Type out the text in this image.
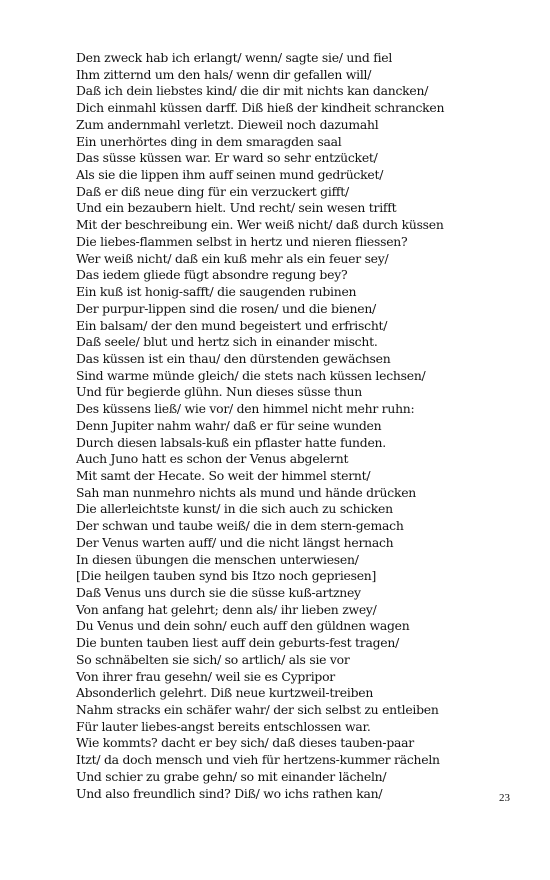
Den zweck hab ich erlangt/ wenn/ sagte sie/ und fiel
Ihm zitternd um den hals/ wenn dir gefallen will/
Daß ich dein liebstes kind/ die dir mit nichts kan dancken/
Dich einmahl küssen darff. Diß hieß der kindheit schrancken
Zum andernmahl verletzt. Dieweil noch dazumahl
Ein unerhörtes ding in dem smaragden saal
Das süsse küssen war. Er ward so sehr entzücket/
Als sie die lippen ihm auff seinen mund gedrücket/
Daß er diß neue ding für ein verzuckert gifft/
Und ein bezaubern hielt. Und recht/ sein wesen trifft
Mit der beschreibung ein. Wer weiß nicht/ daß durch küssen
Die liebes-flammen selbst in hertz und nieren fliessen?
Wer weiß nicht/ daß ein kuß mehr als ein feuer sey/
Das iedem gliede fügt absondre regung bey?
Ein kuß ist honig-safft/ die saugenden rubinen
Der purpur-lippen sind die rosen/ und die bienen/
Ein balsam/ der den mund begeistert und erfrischt/
Daß seele/ blut und hertz sich in einander mischt.
Das küssen ist ein thau/ den dürstenden gewächsen
Sind warme münde gleich/ die stets nach küssen lechsen/
Und für begierde glühn. Nun dieses süsse thun
Des küssens ließ/ wie vor/ den himmel nicht mehr ruhn:
Denn Jupiter nahm wahr/ daß er für seine wunden
Durch diesen labsals-kuß ein pflaster hatte funden.
Auch Juno hatt es schon der Venus abgelernt
Mit samt der Hecate. So weit der himmel sternt/
Sah man nunmehro nichts als mund und hände drücken
Die allerleichtste kunst/ in die sich auch zu schicken
Der schwan und taube weiß/ die in dem stern-gemach
Der Venus warten auff/ und die nicht längst hernach
In diesen übungen die menschen unterwiesen/
[Die heilgen tauben synd bis Itzo noch gepriesen]
Daß Venus uns durch sie die süsse kuß-artzney
Von anfang hat gelehrt; denn als/ ihr lieben zwey/
Du Venus und dein sohn/ euch auff den güldnen wagen
Die bunten tauben liest auff dein geburts-fest tragen/
So schnäbelten sie sich/ so artlich/ als sie vor
Von ihrer frau gesehn/ weil sie es Cypripor
Absonderlich gelehrt. Diß neue kurtzweil-treiben
Nahm stracks ein schäfer wahr/ der sich selbst zu entleiben
Für lauter liebes-angst bereits entschlossen war.
Wie kommts? dacht er bey sich/ daß dieses tauben-paar
Itzt/ da doch mensch und vieh für hertzens-kummer rächeln
Und schier zu grabe gehn/ so mit einander lächeln/
Und also freundlich sind? Diß/ wo ichs rathen kan/	23
